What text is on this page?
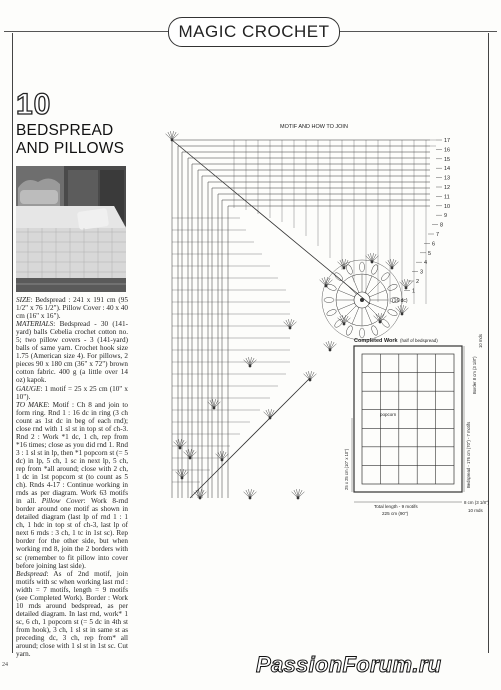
MAGIC CROCHET
10
BEDSPREAD
AND PILLOWS

SIZE: Bedspread : 241 x 191 cm (95 1/2" x 76 1/2"). Pillow Cover : 40 x 40 cm (16" x 16").

MATERIALS: Bedspread - 30 (141-yard) balls Cebelia crochet cotton no. 5; two pillow covers - 3 (141-yard) balls of same yarn. Crochet hook size 1.75 (American size 4). For pillows, 2 pieces 90 x 180 cm (36" x 72") brown cotton fabric. 400 g (a little over 14 oz) kapok.

GAUGE: 1 motif = 25 x 25 cm (10" x 10").

TO MAKE: Motif : Ch 8 and join to form ring. Rnd 1 : 16 dc in ring (3 ch count as 1st dc in beg of each rnd); close rnd with 1 sl st in top st of ch-3. Rnd 2 : Work *1 dc, 1 ch, rep from *16 times; close as you did rnd 1. Rnd 3 : 1 sl st in lp, then *1 popcorn st (= 5 dc) in lp, 5 ch, 1 sc in next lp, 5 ch, rep from *all around; close with 2 ch, 1 dc in 1st popcorn st (to count as 5 ch). Rnds 4-17 : Continue working in rnds as per diagram. Work 63 motifs in all. Pillow Cover: Work 8-rnd border around one motif as shown in detailed diagram (last lp of rnd 1 : 1 ch, 1 hdc in top st of ch-3, last lp of next 6 rnds : 3 ch, 1 tc in 1st sc). Rep border for the other side, but when working rnd 8, join the 2 borders with sc (remember to fit pillow into cover before joining last side).

Bedspread: As of 2nd motif, join motifs with sc when working last rnd : width = 7 motifs, length = 9 motifs (see Completed Work). Border : Work 10 rnds around bedspread, as per detailed diagram. In last rnd, work* 1 sc, 6 ch, 1 popcorn st (= 5 dc in 4th st from hook), 3 ch, 1 sl st in same st as preceding dc, 3 ch, rep from* all around; close with 1 sl st in 1st sc. Cut yarn.

17
16
15
14
13
12
11
10
9
8
7
6
5
4
3
2
1
MOTIF AND HOW TO JOIN
(16 dc)
Completed Work (half of bedspread)
popcorn
25 x 25 cm (10" x 10")	Bedspread - 176 cm (70") - 7 motifs
Border 8 cm (3 1/8")
10 rnds
Total length - 9 motifs
225 cm (90")
8 cm (3 1/8")
10 rnds
24	PassionForum.ru
